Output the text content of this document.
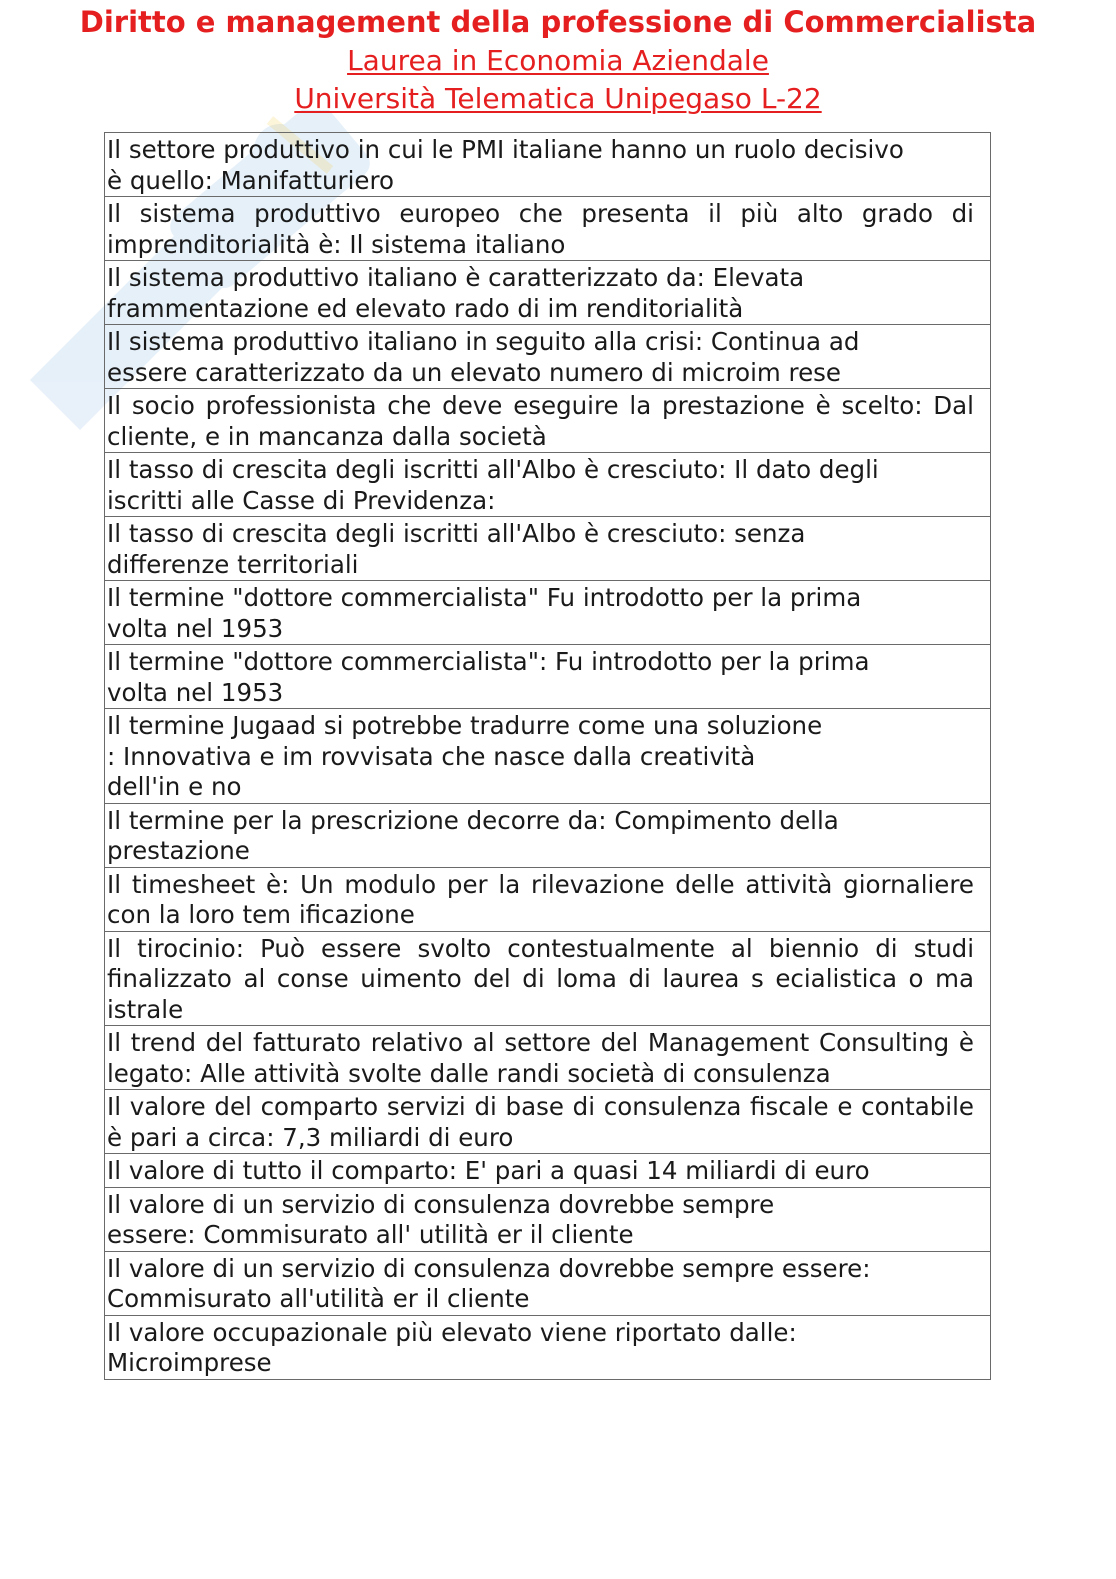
Diritto e management della professione di Commercialista
Laurea in Economia Aziendale
Università Telematica Unipegaso L-22
Il settore produttivo in cui le PMI italiane hanno un ruolo decisivo
è quello: Manifatturiero
Il sistema produttivo europeo che presenta il più alto grado di imprenditorialità è: Il sistema italiano
Il sistema produttivo italiano è caratterizzato da: Elevata
frammentazione ed elevato rado di im renditorialità
Il sistema produttivo italiano in seguito alla crisi: Continua ad
essere caratterizzato da un elevato numero di microim rese
Il socio professionista che deve eseguire la prestazione è scelto: Dal cliente, e in mancanza dalla società
Il tasso di crescita degli iscritti all'Albo è cresciuto: Il dato degli
iscritti alle Casse di Previdenza:
Il tasso di crescita degli iscritti all'Albo è cresciuto: senza
differenze territoriali
Il termine "dottore commercialista" Fu introdotto per la prima
volta nel 1953
Il termine "dottore commercialista": Fu introdotto per la prima
volta nel 1953
Il termine Jugaad si potrebbe tradurre come una soluzione
: Innovativa e im rovvisata che nasce dalla creatività
dell'in e no
Il termine per la prescrizione decorre da: Compimento della
prestazione
Il timesheet è: Un modulo per la rilevazione delle attività giornaliere con la loro tem ificazione
Il tirocinio: Può essere svolto contestualmente al biennio di studi finalizzato al conse uimento del di loma di laurea s ecialistica o ma istrale
Il trend del fatturato relativo al settore del Management Consulting è legato: Alle attività svolte dalle randi società di consulenza
Il valore del comparto servizi di base di consulenza fiscale e contabile è pari a circa: 7,3 miliardi di euro
Il valore di tutto il comparto: E' pari a quasi 14 miliardi di euro
Il valore di un servizio di consulenza dovrebbe sempre
essere: Commisurato all' utilità er il cliente
Il valore di un servizio di consulenza dovrebbe sempre essere:
Commisurato all'utilità er il cliente
Il valore occupazionale più elevato viene riportato dalle:
Microimprese
